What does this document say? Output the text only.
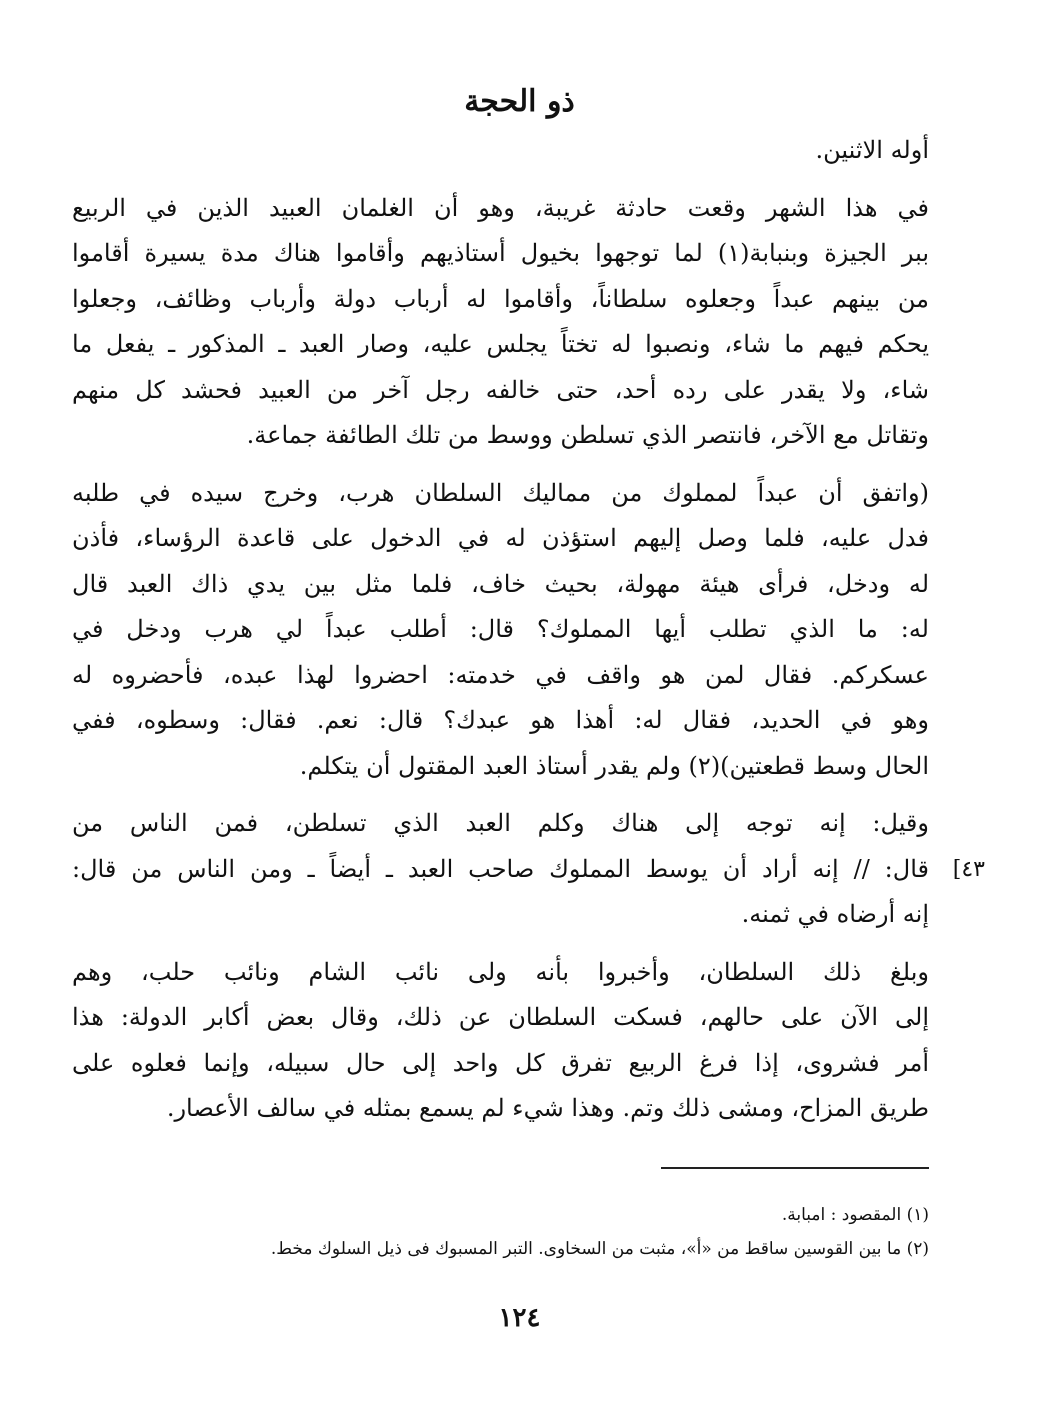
ذو الحجة

أوله الاثنين.

في هذا الشهر وقعت حادثة غريبة، وهو أن الغلمان العبيد الذين في الربيع
ببر الجيزة وبنبابة(١) لما توجهوا بخيول أستاذيهم وأقاموا هناك مدة يسيرة أقاموا
من بينهم عبداً وجعلوه سلطاناً، وأقاموا له أرباب دولة وأرباب وظائف، وجعلوا
يحكم فيهم ما شاء، ونصبوا له تختاً يجلس عليه، وصار العبد ـ المذكور ـ يفعل ما
شاء، ولا يقدر على رده أحد، حتى خالفه رجل آخر من العبيد فحشد كل منهم
وتقاتل مع الآخر، فانتصر الذي تسلطن ووسط من تلك الطائفة جماعة.

(واتفق أن عبداً لمملوك من مماليك السلطان هرب، وخرج سيده في طلبه
فدل عليه، فلما وصل إليهم استؤذن له في الدخول على قاعدة الرؤساء، فأذن
له ودخل، فرأى هيئة مهولة، بحيث خاف، فلما مثل بين يدي ذاك العبد قال
له: ما الذي تطلب أيها المملوك؟ قال: أطلب عبداً لي هرب ودخل في
عسكركم. فقال لمن هو واقف في خدمته: احضروا لهذا عبده، فأحضروه له
وهو في الحديد، فقال له: أهذا هو عبدك؟ قال: نعم. فقال: وسطوه، ففي
الحال وسط قطعتين)(٢) ولم يقدر أستاذ العبد المقتول أن يتكلم.

وقيل: إنه توجه إلى هناك وكلم العبد الذي تسلطن، فمن الناس من
قال: // إنه أراد أن يوسط المملوك صاحب العبد ـ أيضاً ـ ومن الناس من قال:
إنه أرضاه في ثمنه.
[٤٣

وبلغ ذلك السلطان، وأخبروا بأنه ولى نائب الشام ونائب حلب، وهم
إلى الآن على حالهم، فسكت السلطان عن ذلك، وقال بعض أكابر الدولة: هذا
أمر فشروى، إذا فرغ الربيع تفرق كل واحد إلى حال سبيله، وإنما فعلوه على
طريق المزاح، ومشى ذلك وتم. وهذا شيء لم يسمع بمثله في سالف الأعصار.

(١) المقصود : امبابة.
(٢) ما بين القوسين ساقط من «أ»، مثبت من السخاوى. التبر المسبوك فى ذيل السلوك مخط.
١٢٤
